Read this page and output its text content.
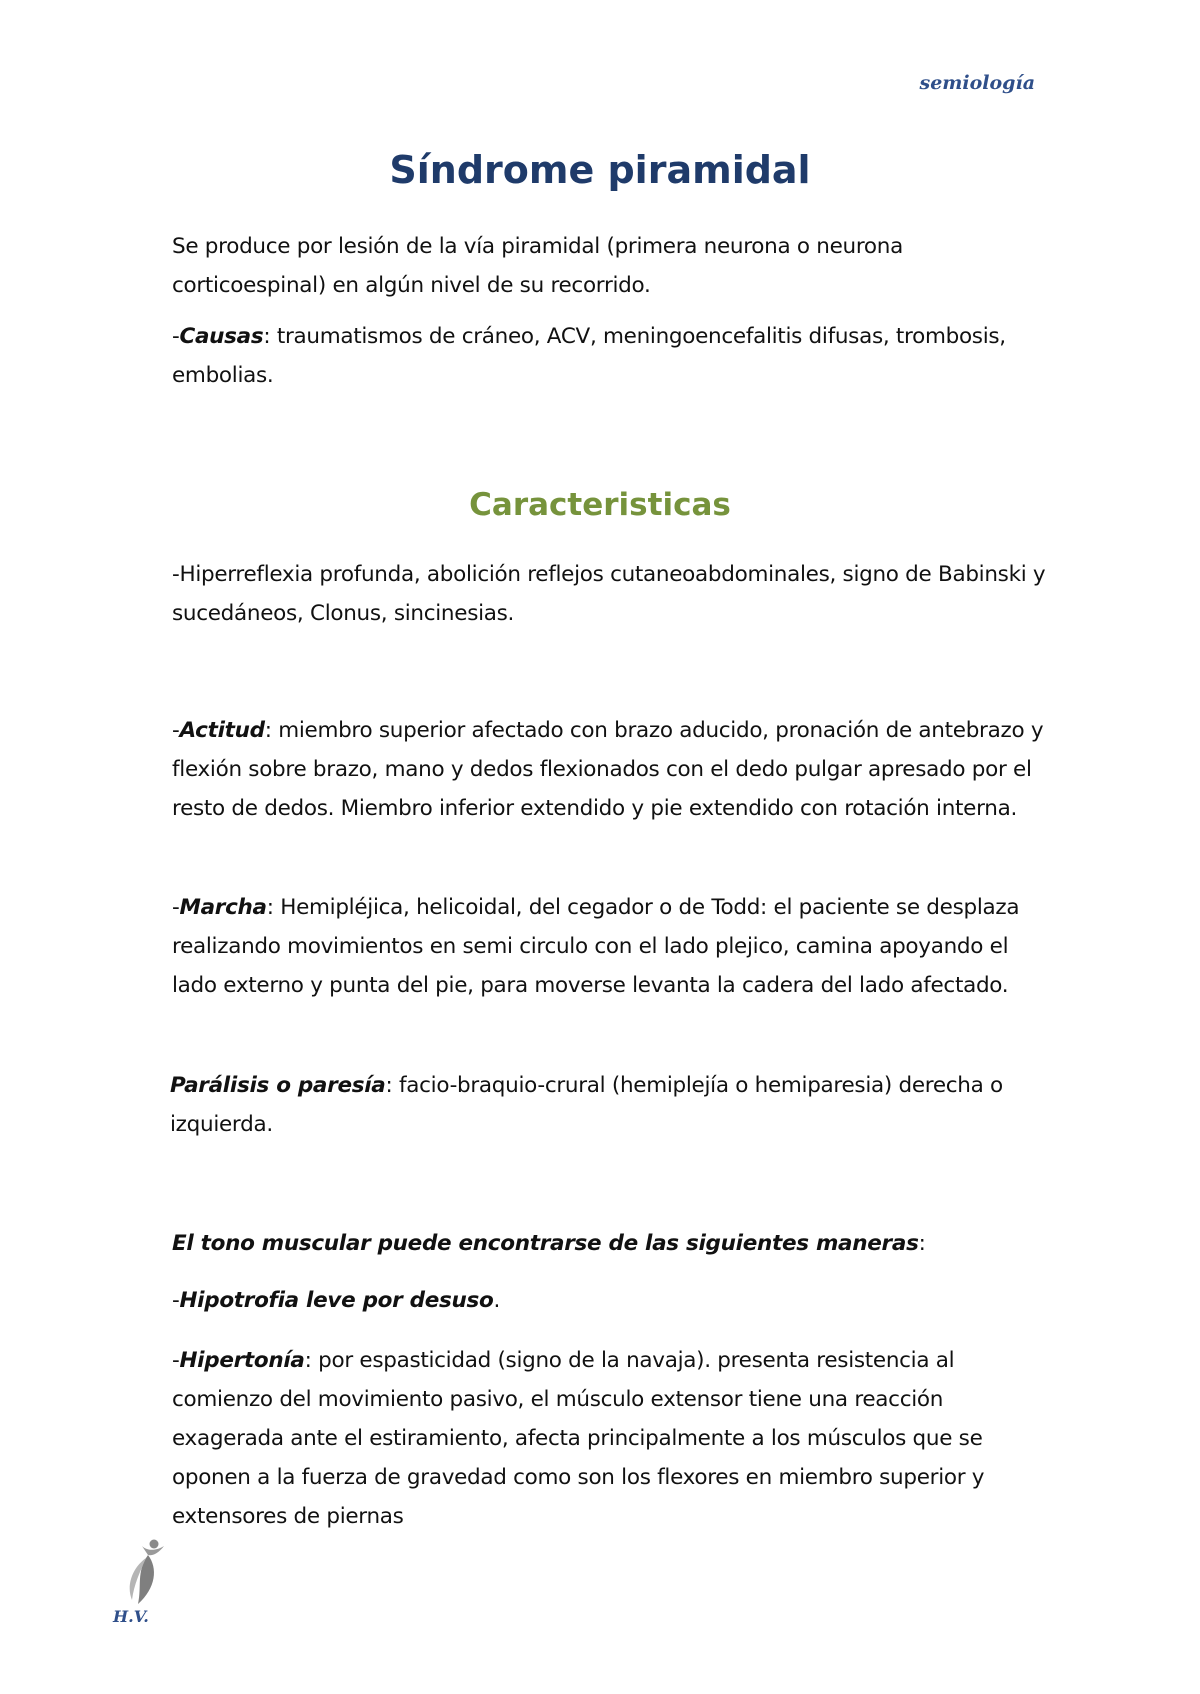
semiología
Síndrome piramidal

Se produce por lesión de la vía piramidal (primera neurona o neurona corticoespinal) en algún nivel de su recorrido.

-Causas: traumatismos de cráneo, ACV, meningoencefalitis difusas, trombosis, embolias.

Caracteristicas

-Hiperreflexia profunda, abolición reflejos cutaneoabdominales, signo de Babinski y sucedáneos, Clonus, sincinesias.

-Actitud: miembro superior afectado con brazo aducido, pronación de antebrazo y flexión sobre brazo, mano y dedos flexionados con el dedo pulgar apresado por el resto de dedos. Miembro inferior extendido y pie extendido con rotación interna.

-Marcha: Hemipléjica, helicoidal, del cegador o de Todd: el paciente se desplaza realizando movimientos en semi circulo con el lado plejico, camina apoyando el lado externo y punta del pie, para moverse levanta la cadera del lado afectado.

Parálisis o paresía: facio-braquio-crural (hemiplejía o hemiparesia) derecha o izquierda.

El tono muscular puede encontrarse de las siguientes maneras:

-Hipotrofia leve por desuso.

-Hipertonía: por espasticidad (signo de la navaja). presenta resistencia al comienzo del movimiento pasivo, el músculo extensor tiene una reacción exagerada ante el estiramiento, afecta principalmente a los músculos que se oponen a la fuerza de gravedad como son los flexores en miembro superior y extensores de piernas

H.V.
